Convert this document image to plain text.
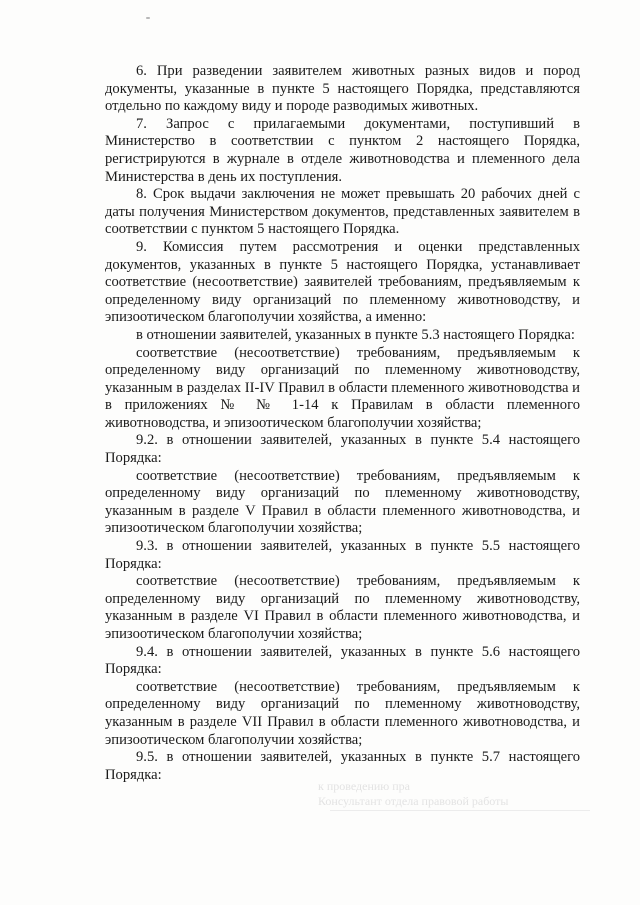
6. При разведении заявителем животных разных видов и пород документы, указанные в пункте 5 настоящего Порядка, представляются отдельно по каждому виду и породе разводимых животных.

7. Запрос с прилагаемыми документами, поступивший в Министерство в соответствии с пунктом 2 настоящего Порядка, регистрируются в журнале в отделе животноводства и племенного дела Министерства в день их поступления.

8. Срок выдачи заключения не может превышать 20 рабочих дней с даты получения Министерством документов, представленных заявителем в соответствии с пунктом 5 настоящего Порядка.

9. Комиссия путем рассмотрения и оценки представленных документов, указанных в пункте 5 настоящего Порядка, устанавливает соответствие (несоответствие) заявителей требованиям, предъявляемым к определенному виду организаций по племенному животноводству, и эпизоотическом благополучии хозяйства, а именно:

в отношении заявителей, указанных в пункте 5.3 настоящего Порядка:

соответствие (несоответствие) требованиям, предъявляемым к определенному виду организаций по племенному животноводству, указанным в разделах II-IV Правил в области племенного животноводства и в приложениях № № 1-14 к Правилам в области племенного животноводства, и эпизоотическом благополучии хозяйства;

9.2. в отношении заявителей, указанных в пункте 5.4 настоящего Порядка:

соответствие (несоответствие) требованиям, предъявляемым к определенному виду организаций по племенному животноводству, указанным в разделе V Правил в области племенного животноводства, и эпизоотическом благополучии хозяйства;

9.3. в отношении заявителей, указанных в пункте 5.5 настоящего Порядка:

соответствие (несоответствие) требованиям, предъявляемым к определенному виду организаций по племенному животноводству, указанным в разделе VI Правил в области племенного животноводства, и эпизоотическом благополучии хозяйства;

9.4. в отношении заявителей, указанных в пункте 5.6 настоящего Порядка:

соответствие (несоответствие) требованиям, предъявляемым к определенному виду организаций по племенному животноводству, указанным в разделе VII Правил в области племенного животноводства, и эпизоотическом благополучии хозяйства;

9.5. в отношении заявителей, указанных в пункте 5.7 настоящего Порядка:

к проведению пра
Консультант отдела правовой работы
